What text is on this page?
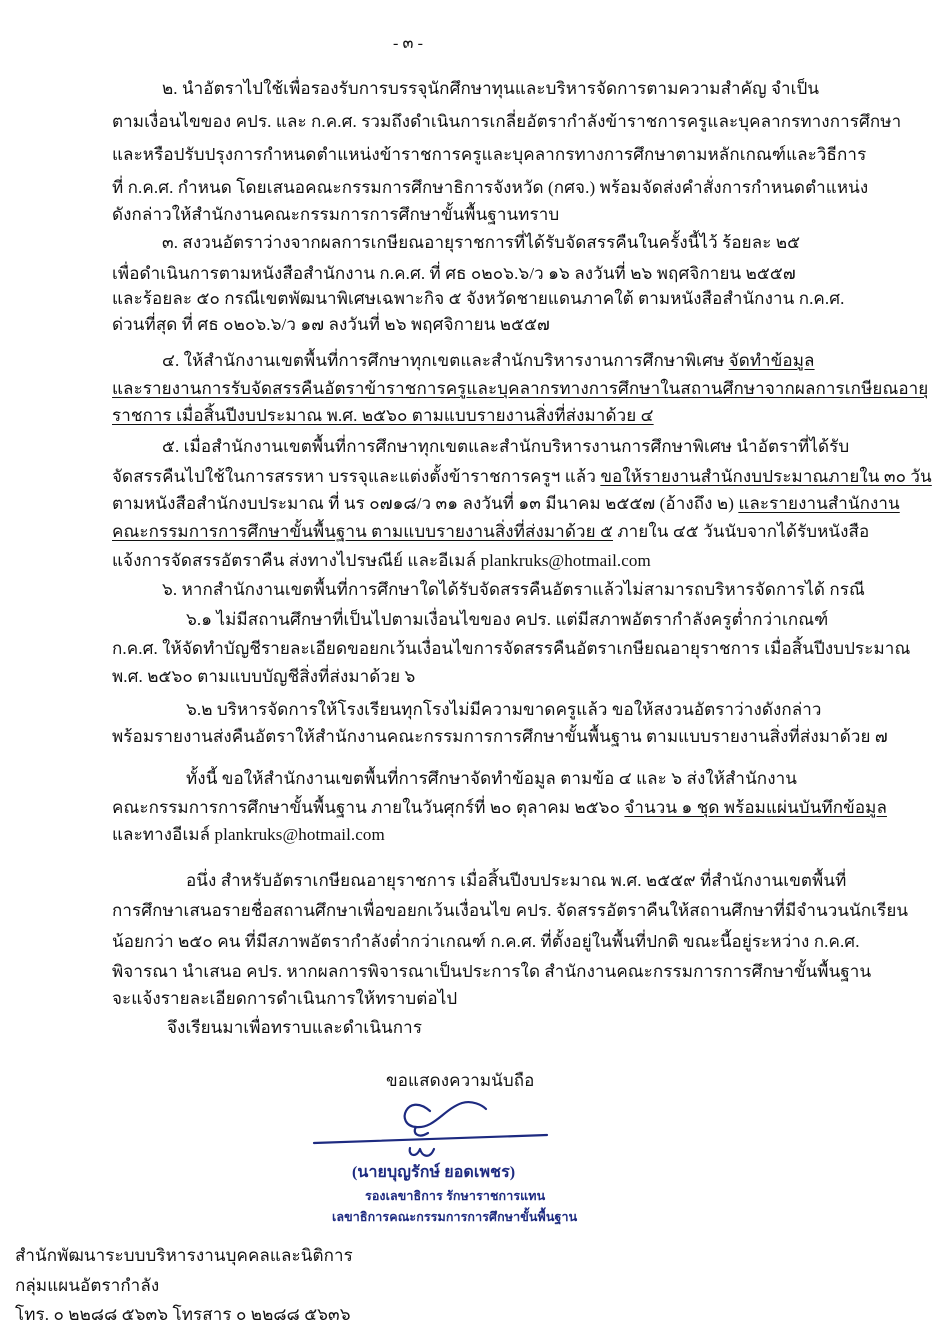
- ๓ -
๒. นำอัตราไปใช้เพื่อรองรับการบรรจุนักศึกษาทุนและบริหารจัดการตามความสำคัญ จำเป็น
ตามเงื่อนไขของ คปร. และ ก.ค.ศ. รวมถึงดำเนินการเกลี่ยอัตรากำลังข้าราชการครูและบุคลากรทางการศึกษา
และหรือปรับปรุงการกำหนดตำแหน่งข้าราชการครูและบุคลากรทางการศึกษาตามหลักเกณฑ์และวิธีการ
ที่ ก.ค.ศ. กำหนด โดยเสนอคณะกรรมการศึกษาธิการจังหวัด (กศจ.) พร้อมจัดส่งคำสั่งการกำหนดตำแหน่ง
ดังกล่าวให้สำนักงานคณะกรรมการการศึกษาขั้นพื้นฐานทราบ
๓. สงวนอัตราว่างจากผลการเกษียณอายุราชการที่ได้รับจัดสรรคืนในครั้งนี้ไว้ ร้อยละ ๒๕
เพื่อดำเนินการตามหนังสือสำนักงาน ก.ค.ศ. ที่ ศธ ๐๒๐๖.๖/ว ๑๖ ลงวันที่ ๒๖ พฤศจิกายน ๒๕๕๗
และร้อยละ ๕๐ กรณีเขตพัฒนาพิเศษเฉพาะกิจ ๕ จังหวัดชายแดนภาคใต้ ตามหนังสือสำนักงาน ก.ค.ศ.
ด่วนที่สุด ที่ ศธ ๐๒๐๖.๖/ว ๑๗ ลงวันที่ ๒๖ พฤศจิกายน ๒๕๕๗
๔. ให้สำนักงานเขตพื้นที่การศึกษาทุกเขตและสำนักบริหารงานการศึกษาพิเศษ จัดทำข้อมูล
และรายงานการรับจัดสรรคืนอัตราข้าราชการครูและบุคลากรทางการศึกษาในสถานศึกษาจากผลการเกษียณอายุ
ราชการ เมื่อสิ้นปีงบประมาณ พ.ศ. ๒๕๖๐ ตามแบบรายงานสิ่งที่ส่งมาด้วย ๔
๕. เมื่อสำนักงานเขตพื้นที่การศึกษาทุกเขตและสำนักบริหารงานการศึกษาพิเศษ นำอัตราที่ได้รับ
จัดสรรคืนไปใช้ในการสรรหา บรรจุและแต่งตั้งข้าราชการครูฯ แล้ว ขอให้รายงานสำนักงบประมาณภายใน ๓๐ วัน
ตามหนังสือสำนักงบประมาณ ที่ นร ๐๗๑๘/ว ๓๑ ลงวันที่ ๑๓ มีนาคม ๒๕๕๗ (อ้างถึง ๒) และรายงานสำนักงาน
คณะกรรมการการศึกษาขั้นพื้นฐาน ตามแบบรายงานสิ่งที่ส่งมาด้วย ๕ ภายใน ๔๕ วันนับจากได้รับหนังสือ
แจ้งการจัดสรรอัตราคืน ส่งทางไปรษณีย์ และอีเมล์ plankruks@hotmail.com
๖. หากสำนักงานเขตพื้นที่การศึกษาใดได้รับจัดสรรคืนอัตราแล้วไม่สามารถบริหารจัดการได้ กรณี
๖.๑ ไม่มีสถานศึกษาที่เป็นไปตามเงื่อนไขของ คปร. แต่มีสภาพอัตรากำลังครูต่ำกว่าเกณฑ์
ก.ค.ศ. ให้จัดทำบัญชีรายละเอียดขอยกเว้นเงื่อนไขการจัดสรรคืนอัตราเกษียณอายุราชการ เมื่อสิ้นปีงบประมาณ
พ.ศ. ๒๕๖๐ ตามแบบบัญชีสิ่งที่ส่งมาด้วย ๖
๖.๒ บริหารจัดการให้โรงเรียนทุกโรงไม่มีความขาดครูแล้ว ขอให้สงวนอัตราว่างดังกล่าว
พร้อมรายงานส่งคืนอัตราให้สำนักงานคณะกรรมการการศึกษาขั้นพื้นฐาน ตามแบบรายงานสิ่งที่ส่งมาด้วย ๗
ทั้งนี้ ขอให้สำนักงานเขตพื้นที่การศึกษาจัดทำข้อมูล ตามข้อ ๔ และ ๖ ส่งให้สำนักงาน
คณะกรรมการการศึกษาขั้นพื้นฐาน ภายในวันศุกร์ที่ ๒๐ ตุลาคม ๒๕๖๐ จำนวน ๑ ชุด พร้อมแผ่นบันทึกข้อมูล
และทางอีเมล์ plankruks@hotmail.com
อนึ่ง สำหรับอัตราเกษียณอายุราชการ เมื่อสิ้นปีงบประมาณ พ.ศ. ๒๕๕๙ ที่สำนักงานเขตพื้นที่
การศึกษาเสนอรายชื่อสถานศึกษาเพื่อขอยกเว้นเงื่อนไข คปร. จัดสรรอัตราคืนให้สถานศึกษาที่มีจำนวนนักเรียน
น้อยกว่า ๒๕๐ คน ที่มีสภาพอัตรากำลังต่ำกว่าเกณฑ์ ก.ค.ศ. ที่ตั้งอยู่ในพื้นที่ปกติ ขณะนี้อยู่ระหว่าง ก.ค.ศ.
พิจารณา นำเสนอ คปร. หากผลการพิจารณาเป็นประการใด สำนักงานคณะกรรมการการศึกษาขั้นพื้นฐาน
จะแจ้งรายละเอียดการดำเนินการให้ทราบต่อไป
จึงเรียนมาเพื่อทราบและดำเนินการ
ขอแสดงความนับถือ
(นายบุญรักษ์ ยอดเพชร)
รองเลขาธิการ รักษาราชการแทน
เลขาธิการคณะกรรมการการศึกษาขั้นพื้นฐาน
สำนักพัฒนาระบบบริหารงานบุคคลและนิติการ
กลุ่มแผนอัตรากำลัง
โทร. ๐ ๒๒๘๘ ๕๖๓๖ โทรสาร ๐ ๒๒๘๘ ๕๖๓๖
